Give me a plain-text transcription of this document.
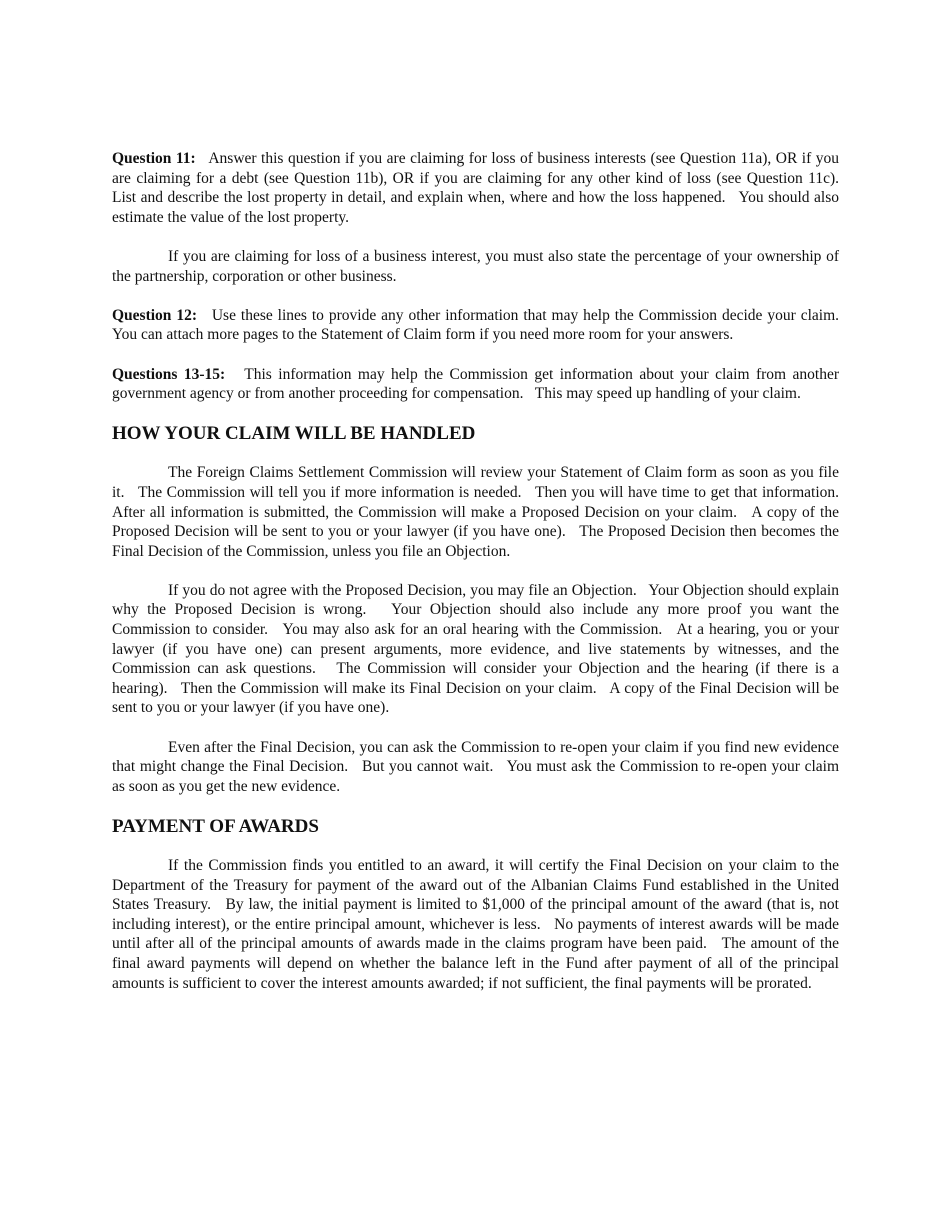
Question 11: Answer this question if you are claiming for loss of business interests (see Question 11a), OR if you are claiming for a debt (see Question 11b), OR if you are claiming for any other kind of loss (see Question 11c).   List and describe the lost property in detail, and explain when, where and how the loss happened.   You should also estimate the value of the lost property.

If you are claiming for loss of a business interest, you must also state the percentage of your ownership of the partnership, corporation or other business.

Question 12: Use these lines to provide any other information that may help the Commission decide your claim.   You can attach more pages to the Statement of Claim form if you need more room for your answers.

Questions 13-15: This information may help the Commission get information about your claim from another government agency or from another proceeding for compensation.   This may speed up handling of your claim.

HOW YOUR CLAIM WILL BE HANDLED

The Foreign Claims Settlement Commission will review your Statement of Claim form as soon as you file it.   The Commission will tell you if more information is needed.   Then you will have time to get that information.   After all information is submitted, the Commission will make a Proposed Decision on your claim.   A copy of the Proposed Decision will be sent to you or your lawyer (if you have one).   The Proposed Decision then becomes the Final Decision of the Commission, unless you file an Objection.

If you do not agree with the Proposed Decision, you may file an Objection.   Your Objection should explain why the Proposed Decision is wrong.   Your Objection should also include any more proof you want the Commission to consider.   You may also ask for an oral hearing with the Commission.   At a hearing, you or your lawyer (if you have one) can present arguments, more evidence, and live statements by witnesses, and the Commission can ask questions.   The Commission will consider your Objection and the hearing (if there is a hearing).   Then the Commission will make its Final Decision on your claim.   A copy of the Final Decision will be sent to you or your lawyer (if you have one).

Even after the Final Decision, you can ask the Commission to re-open your claim if you find new evidence that might change the Final Decision.   But you cannot wait.   You must ask the Commission to re-open your claim as soon as you get the new evidence.

PAYMENT OF AWARDS

If the Commission finds you entitled to an award, it will certify the Final Decision on your claim to the Department of the Treasury for payment of the award out of the Albanian Claims Fund established in the United States Treasury.   By law, the initial payment is limited to $1,000 of the principal amount of the award (that is, not including interest), or the entire principal amount, whichever is less.   No payments of interest awards will be made until after all of the principal amounts of awards made in the claims program have been paid.   The amount of the final award payments will depend on whether the balance left in the Fund after payment of all of the principal amounts is sufficient to cover the interest amounts awarded; if not sufficient, the final payments will be prorated.
